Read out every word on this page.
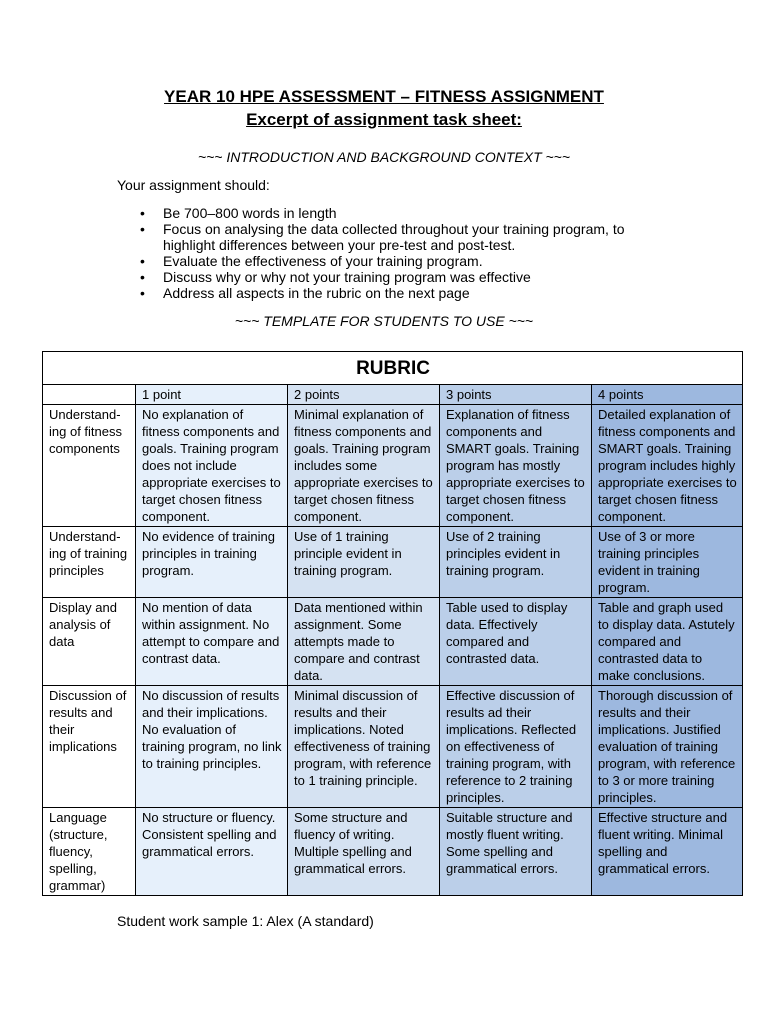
YEAR 10 HPE ASSESSMENT – FITNESS ASSIGNMENT
Excerpt of assignment task sheet:
~~~ INTRODUCTION AND BACKGROUND CONTEXT ~~~
Your assignment should:
• Be 700–800 words in length
• Focus on analysing the data collected throughout your training program, to highlight differences between your pre-test and post-test.
• Evaluate the effectiveness of your training program.
• Discuss why or why not your training program was effective
• Address all aspects in the rubric on the next page
~~~ TEMPLATE FOR STUDENTS TO USE ~~~
RUBRIC				
	1 point	2 points	3 points	4 points
Understand-ing of fitness components	No explanation of fitness components and goals. Training program does not include appropriate exercises to target chosen fitness component.	Minimal explanation of fitness components and goals. Training program includes some appropriate exercises to target chosen fitness component.	Explanation of fitness components and SMART goals. Training program has mostly appropriate exercises to target chosen fitness component.	Detailed explanation of fitness components and SMART goals. Training program includes highly appropriate exercises to target chosen fitness component.
Understand-ing of training principles	No evidence of training principles in training program.	Use of 1 training principle evident in training program.	Use of 2 training principles evident in training program.	Use of 3 or more training principles evident in training program.
Display and analysis of data	No mention of data within assignment. No attempt to compare and contrast data.	Data mentioned within assignment. Some attempts made to compare and contrast data.	Table used to display data. Effectively compared and contrasted data.	Table and graph used to display data. Astutely compared and contrasted data to make conclusions.
Discussion of results and their implications	No discussion of results and their implications. No evaluation of training program, no link to training principles.	Minimal discussion of results and their implications. Noted effectiveness of training program, with reference to 1 training principle.	Effective discussion of results ad their implications. Reflected on effectiveness of training program, with reference to 2 training principles.	Thorough discussion of results and their implications. Justified evaluation of training program, with reference to 3 or more training principles.
Language (structure, fluency, spelling, grammar)	No structure or fluency. Consistent spelling and grammatical errors.	Some structure and fluency of writing. Multiple spelling and grammatical errors.	Suitable structure and mostly fluent writing. Some spelling and grammatical errors.	Effective structure and fluent writing. Minimal spelling and grammatical errors.
Student work sample 1: Alex (A standard)
